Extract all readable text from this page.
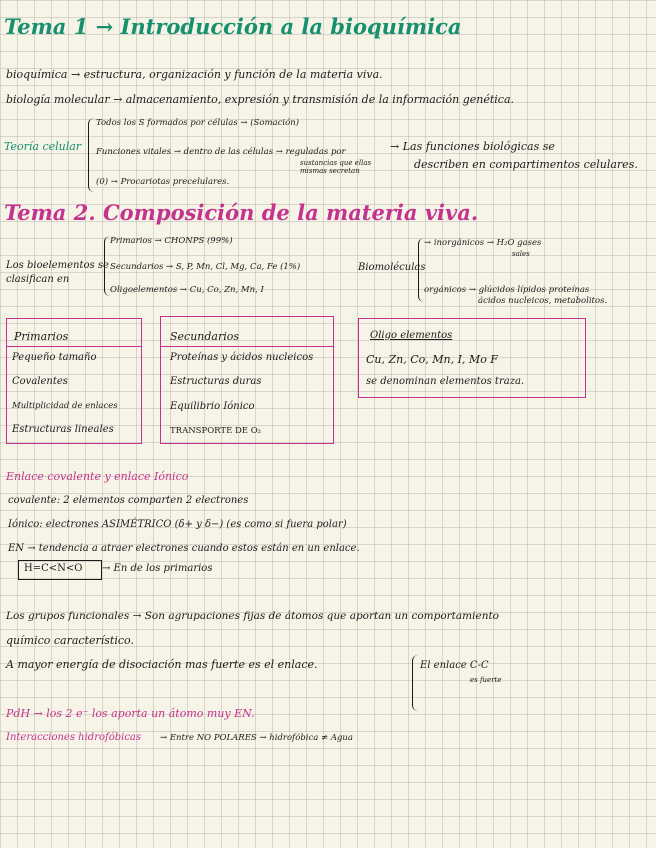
Tema 1 → Introducción a la bioquímica
bioquímica → estructura, organización y función de la materia viva.
biología molecular → almacenamiento, expresión y transmisión de la información genética.
Teoría celular
Todos los S formados por células → (Somación)
Funciones vitales → dentro de las células → reguladas por
sustancias que ellas mismas secretan
(0) → Procariotas precelulares.
→ Las funciones biológicas se
describen en compartimentos celulares.
Tema 2. Composición de la materia viva.
Los bioelementos se
clasifican en
Primarios → CHONPS (99%)
Secundarios → S, P, Mn, Cl, Mg, Ca, Fe (1%)
Oligoelementos → Cu, Co, Zn, Mn, I
Biomoléculas
→ inorgánicos → H₂O gases
sales
orgánicos → glúcidos lípidos proteínas
ácidos nucleicos, metabolitos.
Primarios
Pequeño tamaño
Covalentes
Multiplicidad de enlaces
Estructuras lineales
Secundarios
Proteínas y ácidos nucleicos
Estructuras duras
Equilibrio Iónico
TRANSPORTE DE O₂
Oligo elementos
Cu, Zn, Co, Mn, I, Mo F
se denominan elementos traza.
Enlace covalente y enlace Iónico
covalente: 2 elementos comparten 2 electrones
Iónico: electrones ASIMÉTRICO (δ+ y δ−) (es como si fuera polar)
EN → tendencia a atraer electrones cuando estos están en un enlace.
H=C<N<O → En de los primarios
Los grupos funcionales → Son agrupaciones fijas de átomos que aportan un comportamiento
químico característico.
A mayor energía de disociación mas fuerte es el enlace.	El enlace C-C
es fuerte
PdH → los 2 e⁻ los aporta un átomo muy EN.
Interacciones hidrofóbicas → Entre NO POLARES → hidrofóbica ≠ Agua
